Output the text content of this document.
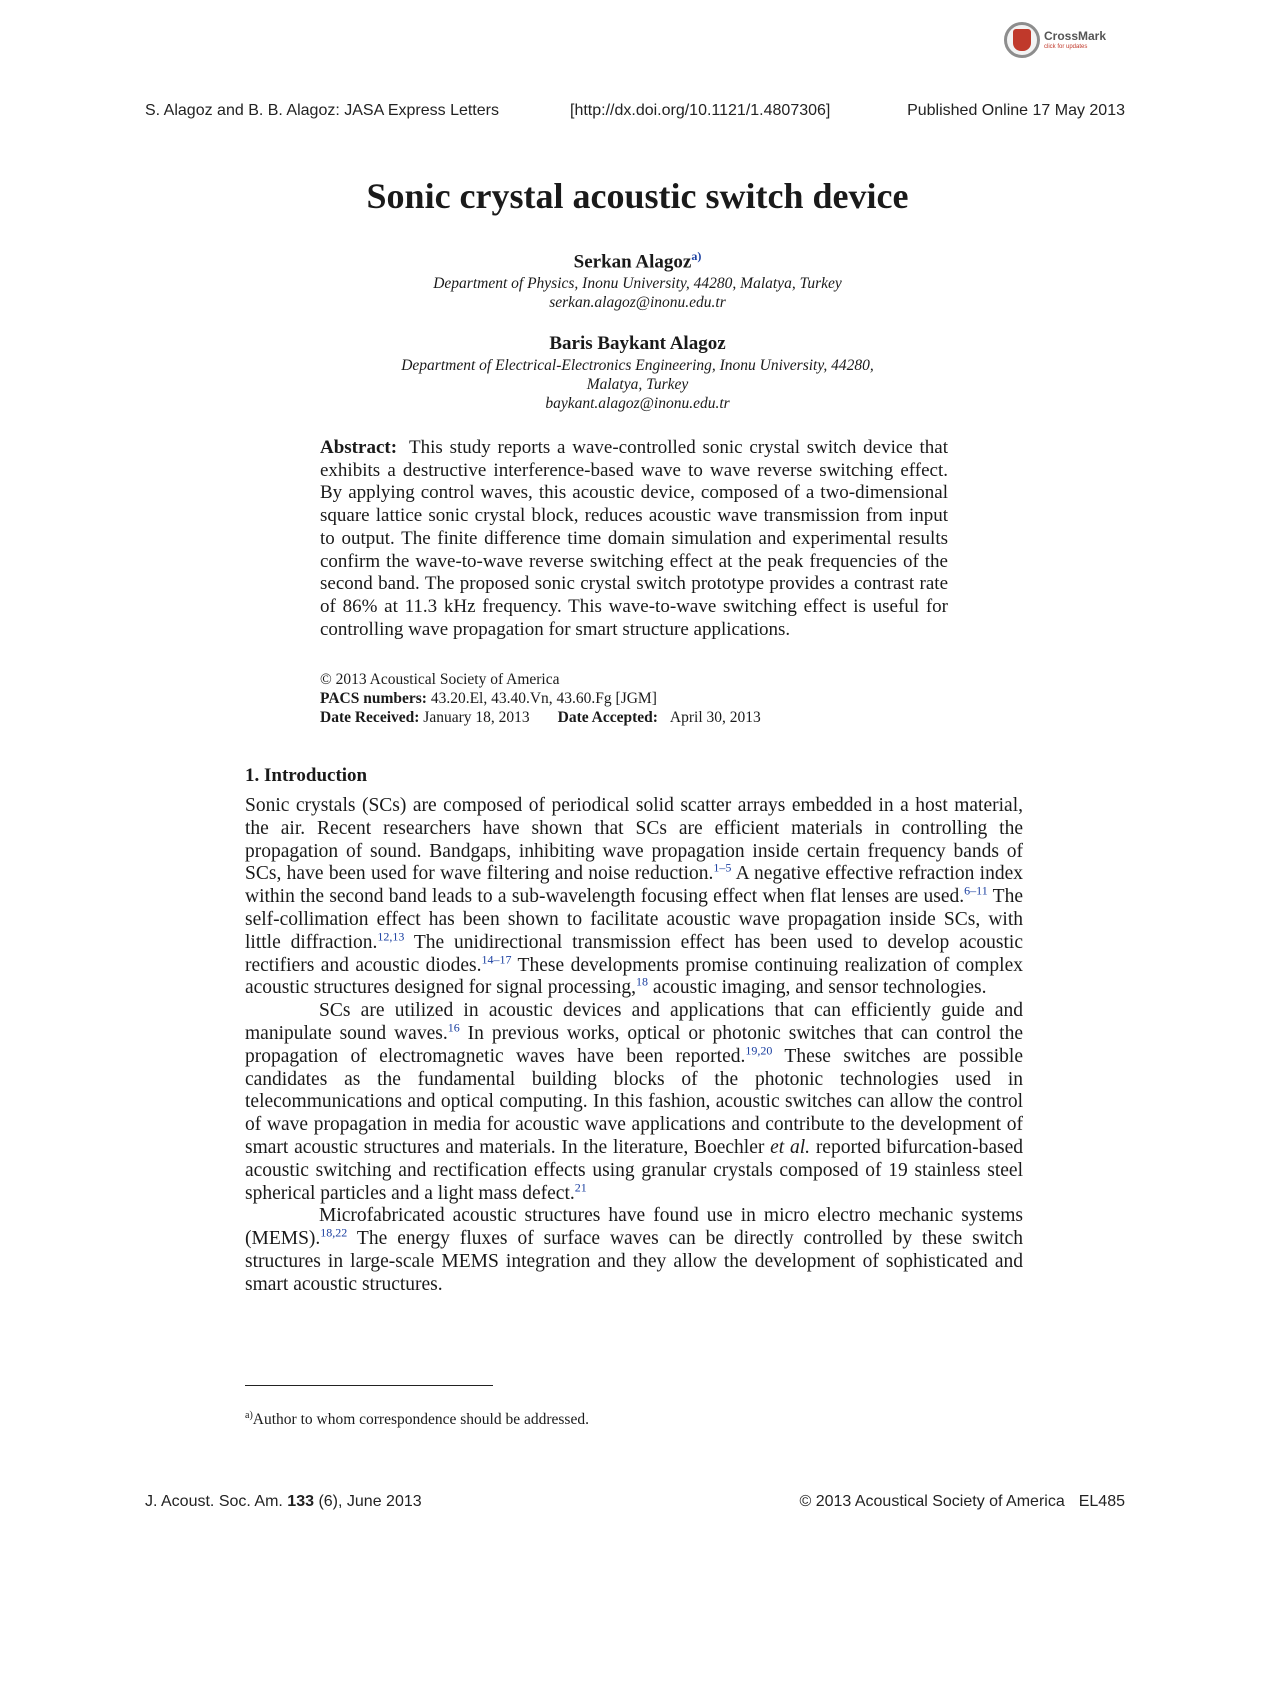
CrossMark
click for updates
S. Alagoz and B. B. Alagoz: JASA Express Letters	[http://dx.doi.org/10.1121/1.4807306]	Published Online 17 May 2013
Sonic crystal acoustic switch device
Serkan Alagoz$^{a)}$
Department of Physics, Inonu University, 44280, Malatya, Turkey
serkan.alagoz@inonu.edu.tr
Baris Baykant Alagoz
Department of Electrical-Electronics Engineering, Inonu University, 44280,
Malatya, Turkey
baykant.alagoz@inonu.edu.tr

Abstract: This study reports a wave-controlled sonic crystal switch device that exhibits a destructive interference-based wave to wave reverse switching effect. By applying control waves, this acoustic device, composed of a two-dimensional square lattice sonic crystal block, reduces acoustic wave transmission from input to output. The finite difference time domain simulation and experimental results confirm the wave-to-wave reverse switching effect at the peak frequencies of the second band. The proposed sonic crystal switch prototype provides a contrast rate of 86% at 11.3 kHz frequency. This wave-to-wave switching effect is useful for controlling wave propagation for smart structure applications.

© 2013 Acoustical Society of America
PACS numbers: 43.20.El, 43.40.Vn, 43.60.Fg [JGM]
Date Received: January 18, 2013 Date Accepted: April 30, 2013
1. Introduction

Sonic crystals (SCs) are composed of periodical solid scatter arrays embedded in a host material, the air. Recent researchers have shown that SCs are efficient materials in controlling the propagation of sound. Bandgaps, inhibiting wave propagation inside certain frequency bands of SCs, have been used for wave filtering and noise reduction.$^{1-5}$ A negative effective refraction index within the second band leads to a sub-wavelength focusing effect when flat lenses are used.$^{6-11}$ The self-collimation effect has been shown to facilitate acoustic wave propagation inside SCs, with little diffraction.$^{12,13}$ The unidirectional transmission effect has been used to develop acoustic rectifiers and acoustic diodes.$^{14-17}$ These developments promise continuing realization of complex acoustic structures designed for signal processing,$^{18}$ acoustic imaging, and sensor technologies.

SCs are utilized in acoustic devices and applications that can efficiently guide and manipulate sound waves.$^{16}$ In previous works, optical or photonic switches that can control the propagation of electromagnetic waves have been reported.$^{19,20}$ These switches are possible candidates as the fundamental building blocks of the photonic technologies used in telecommunications and optical computing. In this fashion, acoustic switches can allow the control of wave propagation in media for acoustic wave applications and contribute to the development of smart acoustic structures and materials. In the literature, Boechler et al. reported bifurcation-based acoustic switching and rectification effects using granular crystals composed of 19 stainless steel spherical particles and a light mass defect.$^{21}$

Microfabricated acoustic structures have found use in micro electro mechanic systems (MEMS).$^{18,22}$ The energy fluxes of surface waves can be directly controlled by these switch structures in large-scale MEMS integration and they allow the development of sophisticated and smart acoustic structures.

$^{a)}$Author to whom correspondence should be addressed.
J. Acoust. Soc. Am. 133 (6), June 2013	© 2013 Acoustical Society of America EL485
